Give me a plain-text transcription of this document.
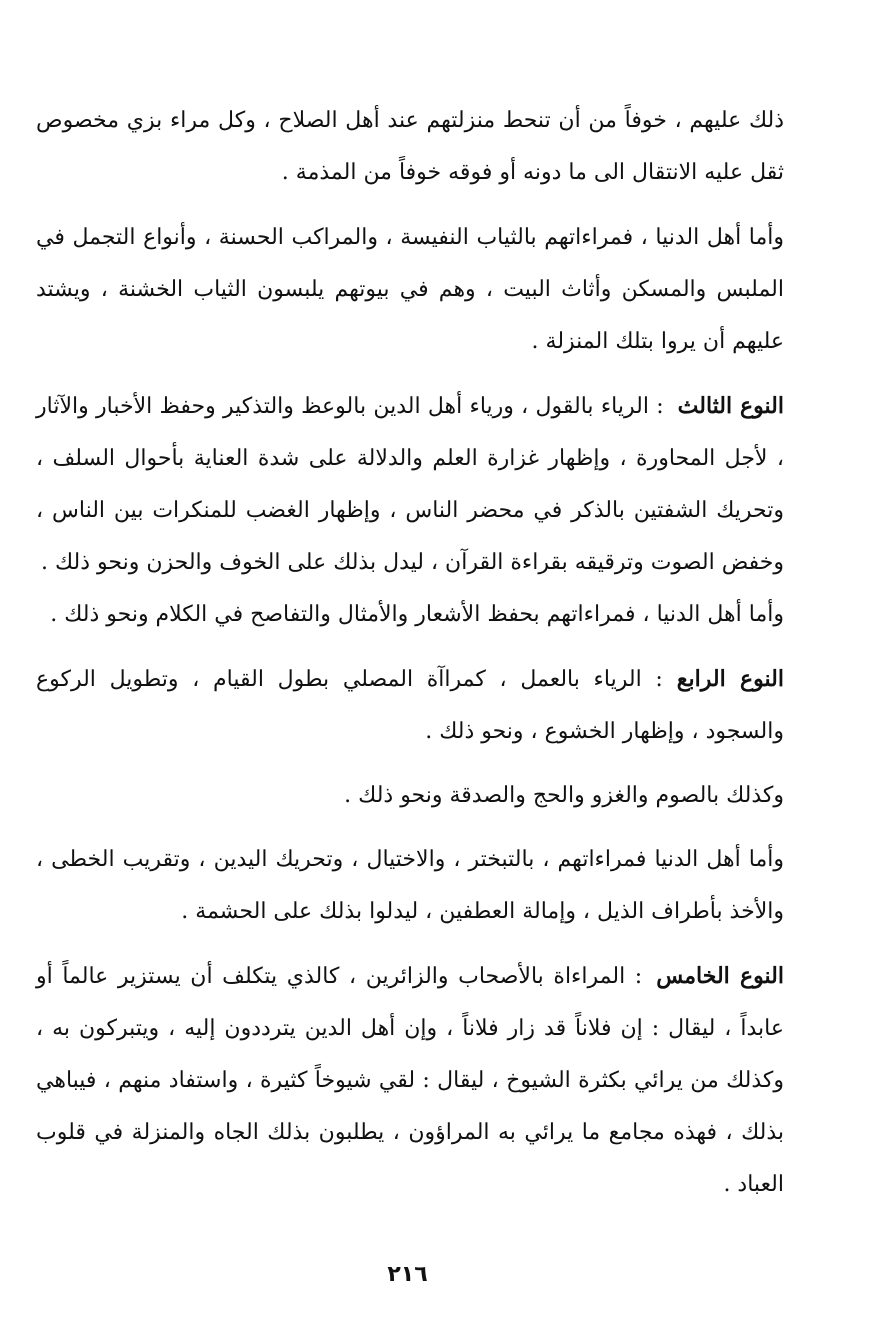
ذلك عليهم ، خوفاً من أن تنحط منزلتهم عند أهل الصلاح ، وكل مراء بزي مخصوص ثقل عليه الانتقال الى ما دونه أو فوقه خوفاً من المذمة .

وأما أهل الدنيا ، فمراءاتهم بالثياب النفيسة ، والمراكب الحسنة ، وأنواع التجمل في الملبس والمسكن وأثاث البيت ، وهم في بيوتهم يلبسون الثياب الخشنة ، ويشتد عليهم أن يروا بتلك المنزلة .

النوع الثالث: الرياء بالقول ، ورياء أهل الدين بالوعظ والتذكير وحفظ الأخبار والآثار ، لأجل المحاورة ، وإظهار غزارة العلم والدلالة على شدة العناية بأحوال السلف ، وتحريك الشفتين بالذكر في محضر الناس ، وإظهار الغضب للمنكرات بين الناس ، وخفض الصوت وترقيقه بقراءة القرآن ، ليدل بذلك على الخوف والحزن ونحو ذلك .

وأما أهل الدنيا ، فمراءاتهم بحفظ الأشعار والأمثال والتفاصح في الكلام ونحو ذلك .

النوع الرابع: الرياء بالعمل ، كمراآة المصلي بطول القيام ، وتطويل الركوع والسجود ، وإظهار الخشوع ، ونحو ذلك .

وكذلك بالصوم والغزو والحج والصدقة ونحو ذلك .

وأما أهل الدنيا فمراءاتهم ، بالتبختر ، والاختيال ، وتحريك اليدين ، وتقريب الخطى ، والأخذ بأطراف الذيل ، وإمالة العطفين ، ليدلوا بذلك على الحشمة .

النوع الخامس: المراءاة بالأصحاب والزائرين ، كالذي يتكلف أن يستزير عالماً أو عابداً ، ليقال : إن فلاناً قد زار فلاناً ، وإن أهل الدين يترددون إليه ، ويتبركون به ، وكذلك من يرائي بكثرة الشيوخ ، ليقال : لقي شيوخاً كثيرة ، واستفاد منهم ، فيباهي بذلك ، فهذه مجامع ما يرائي به المراؤون ، يطلبون بذلك الجاه والمنزلة في قلوب العباد .

٢١٦
